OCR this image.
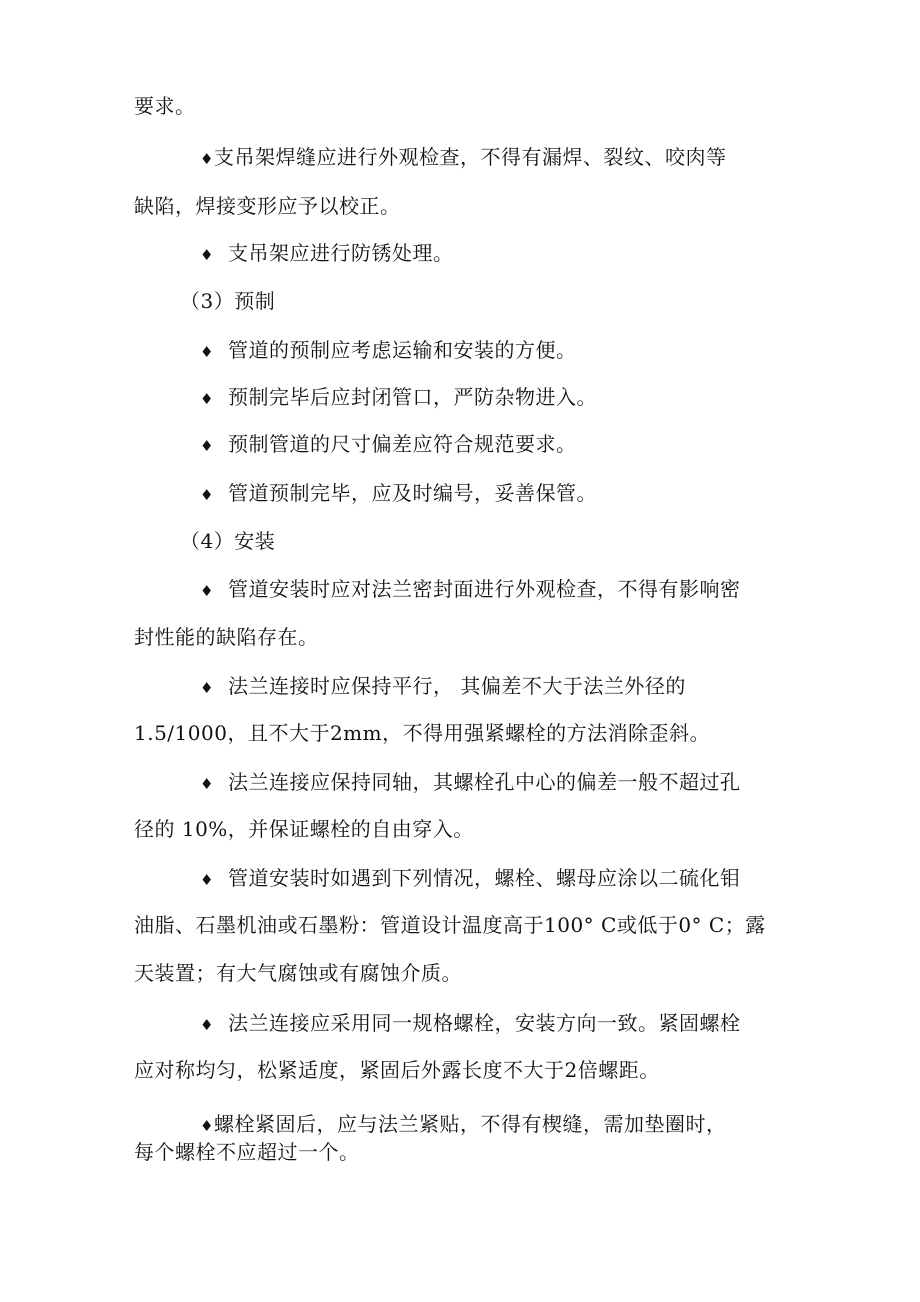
要求。
♦支吊架焊缝应进行外观检查，不得有漏焊、裂纹、咬肉等
缺陷，焊接变形应予以校正。
♦ 支吊架应进行防锈处理。
（3）预制
♦ 管道的预制应考虑运输和安装的方便。
♦ 预制完毕后应封闭管口，严防杂物进入。
♦ 预制管道的尺寸偏差应符合规范要求。
♦ 管道预制完毕，应及时编号，妥善保管。
（4）安装
♦ 管道安装时应对法兰密封面进行外观检查，不得有影响密
封性能的缺陷存在。
♦ 法兰连接时应保持平行， 其偏差不大于法兰外径的
1.5/1000，且不大于2mm，不得用强紧螺栓的方法消除歪斜。
♦ 法兰连接应保持同轴，其螺栓孔中心的偏差一般不超过孔
径的 10%，并保证螺栓的自由穿入。
♦ 管道安装时如遇到下列情况，螺栓、螺母应涂以二硫化钼
油脂、石墨机油或石墨粉：管道设计温度高于100° C或低于0° C；露
天装置；有大气腐蚀或有腐蚀介质。
♦ 法兰连接应采用同一规格螺栓，安装方向一致。紧固螺栓
应对称均匀，松紧适度，紧固后外露长度不大于2倍螺距。
♦螺栓紧固后，应与法兰紧贴，不得有楔缝，需加垫圈时，
每个螺栓不应超过一个。
